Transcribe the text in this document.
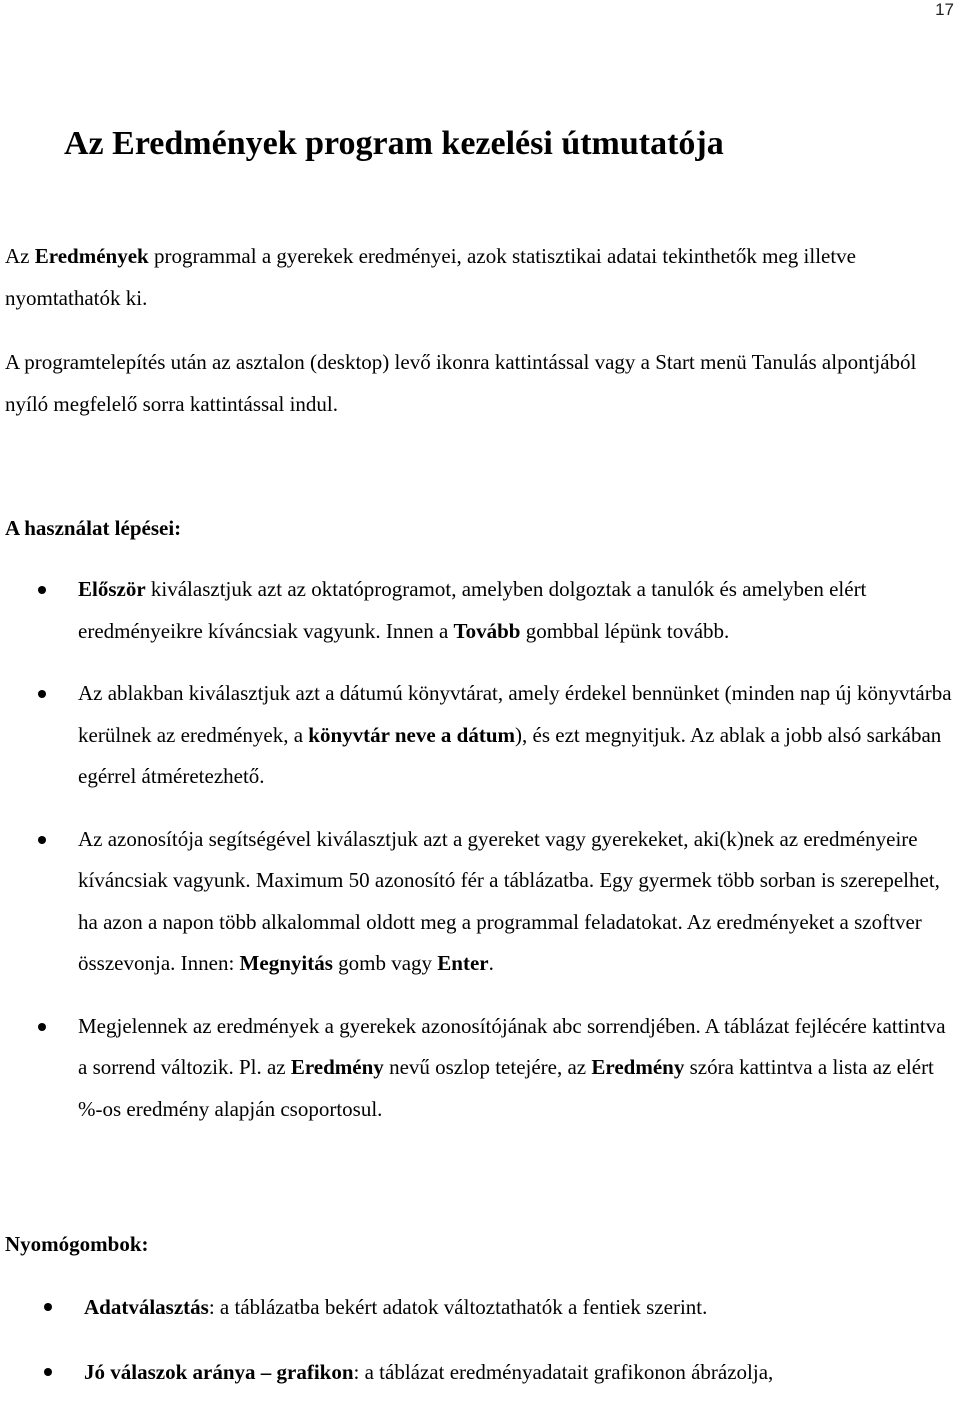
17
Az Eredmények program kezelési útmutatója

Az Eredmények programmal a gyerekek eredményei, azok statisztikai adatai tekinthetők meg illetve nyomtathatók ki.

A programtelepítés után az asztalon (desktop) levő ikonra kattintással vagy a Start menü Tanulás alpontjából nyíló megfelelő sorra kattintással indul.

A használat lépései:
Először kiválasztjuk azt az oktatóprogramot, amelyben dolgoztak a tanulók és amelyben elért eredményeikre kíváncsiak vagyunk. Innen a Tovább gombbal lépünk tovább.
Az ablakban kiválasztjuk azt a dátumú könyvtárat, amely érdekel bennünket (minden nap új könyvtárba kerülnek az eredmények, a könyvtár neve a dátum), és ezt megnyitjuk. Az ablak a jobb alsó sarkában egérrel átméretezhető.
Az azonosítója segítségével kiválasztjuk azt a gyereket vagy gyerekeket, aki(k)nek az eredményeire kíváncsiak vagyunk. Maximum 50 azonosító fér a táblázatba. Egy gyermek több sorban is szerepelhet, ha azon a napon több alkalommal oldott meg a programmal feladatokat. Az eredményeket a szoftver összevonja. Innen: Megnyitás gomb vagy Enter.
Megjelennek az eredmények a gyerekek azonosítójának abc sorrendjében. A táblázat fejlécére kattintva a sorrend változik. Pl. az Eredmény nevű oszlop tetejére, az Eredmény szóra kattintva a lista az elért %-os eredmény alapján csoportosul.
Nyomógombok:
Adatválasztás: a táblázatba bekért adatok változtathatók a fentiek szerint.
Jó válaszok aránya – grafikon: a táblázat eredményadatait grafikonon ábrázolja,
